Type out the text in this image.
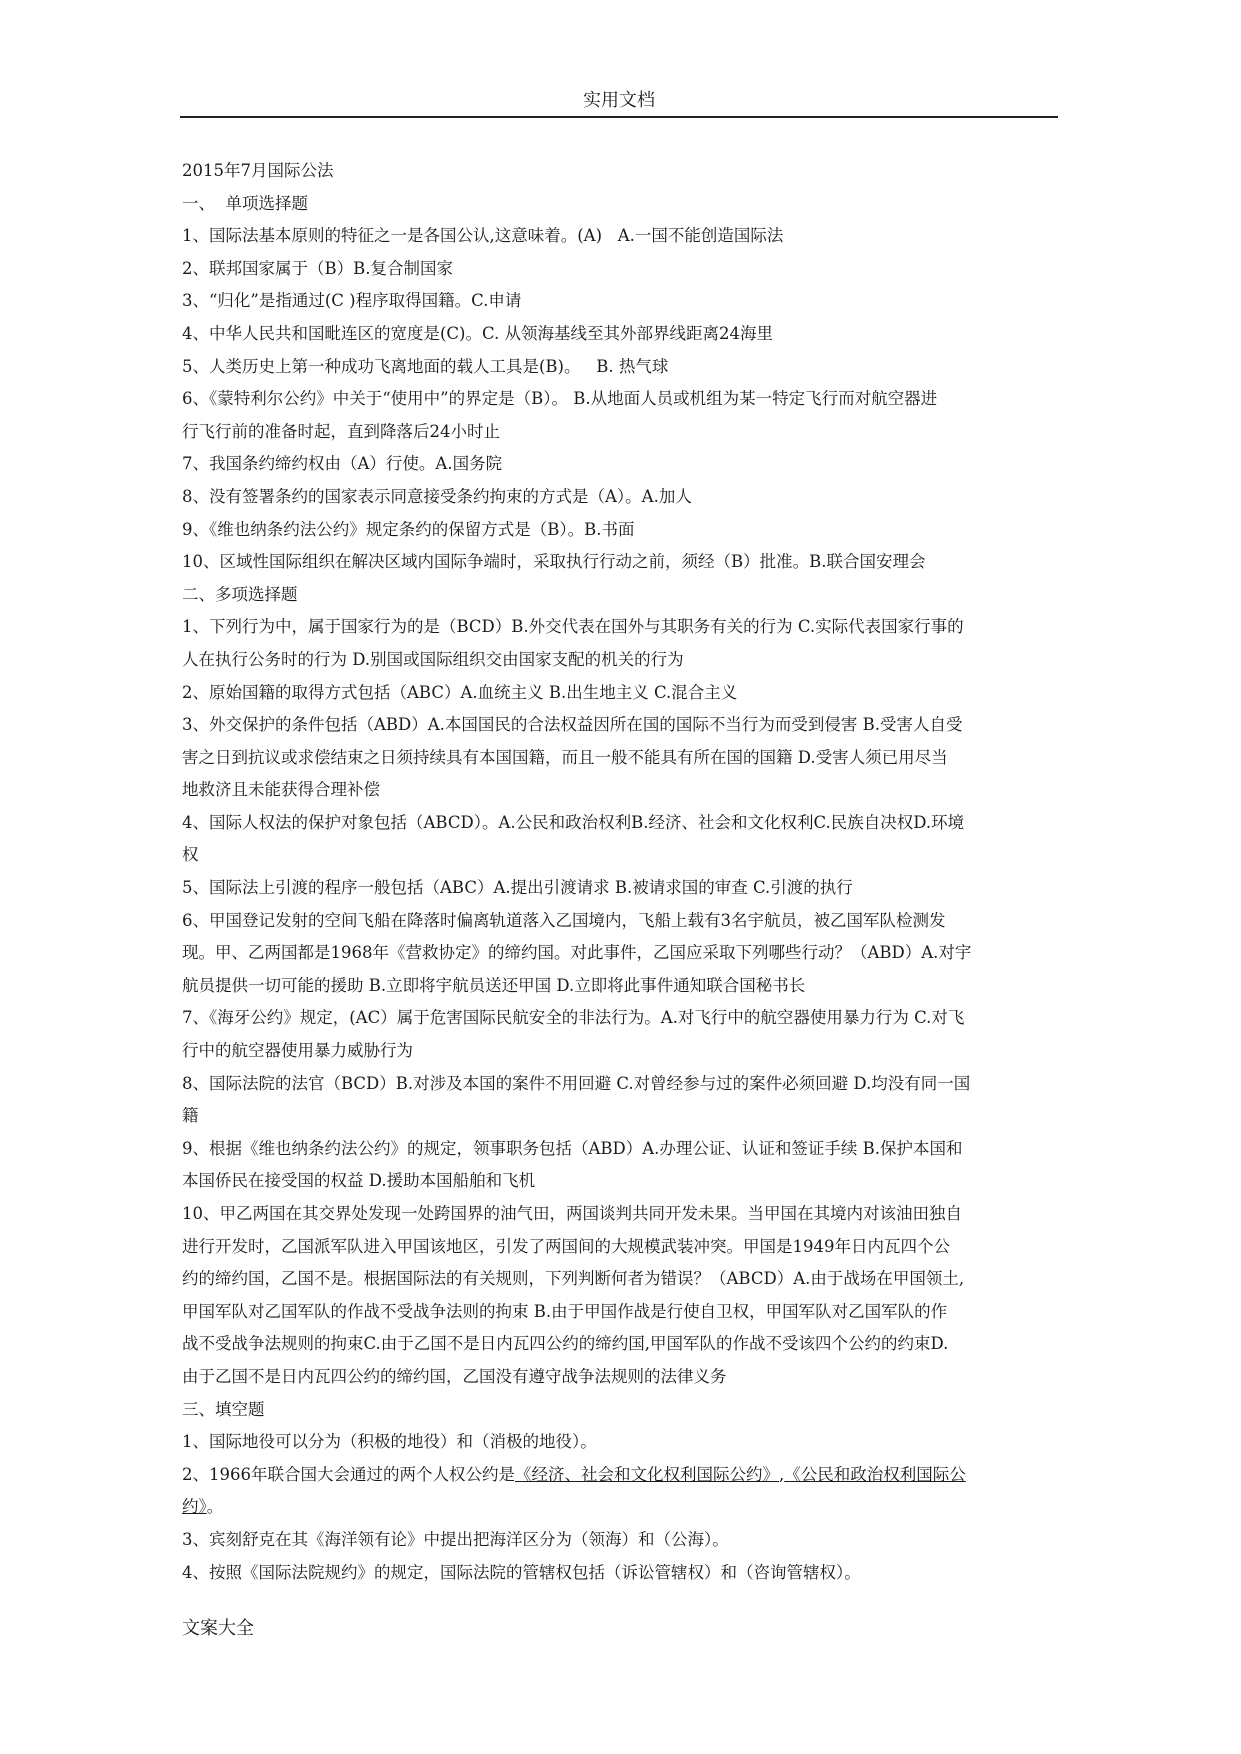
实用文档
2015年7月国际公法
一、  单项选择题
1、国际法基本原则的特征之一是各国公认,这意味着。(A)   A.一国不能创造国际法
2、联邦国家属于（B）B.复合制国家
3、“归化”是指通过(C )程序取得国籍。C.申请
4、中华人民共和国毗连区的宽度是(C)。C. 从领海基线至其外部界线距离24海里
5、人类历史上第一种成功飞离地面的载人工具是(B)。   B. 热气球
6、《蒙特利尔公约》中关于“使用中”的界定是（B）。 B.从地面人员或机组为某一特定飞行而对航空器进
行飞行前的准备时起，直到降落后24小时止
7、我国条约缔约权由（A）行使。A.国务院
8、没有签署条约的国家表示同意接受条约拘束的方式是（A）。A.加人
9、《维也纳条约法公约》规定条约的保留方式是（B）。B.书面
10、区域性国际组织在解决区域内国际争端时，采取执行行动之前，须经（B）批准。B.联合国安理会
二、多项选择题
1、下列行为中，属于国家行为的是（BCD）B.外交代表在国外与其职务有关的行为 C.实际代表国家行事的
人在执行公务时的行为 D.别国或国际组织交由国家支配的机关的行为
2、原始国籍的取得方式包括（ABC）A.血统主义 B.出生地主义 C.混合主义
3、外交保护的条件包括（ABD）A.本国国民的合法权益因所在国的国际不当行为而受到侵害 B.受害人自受
害之日到抗议或求偿结束之日须持续具有本国国籍，而且一般不能具有所在国的国籍 D.受害人须已用尽当
地救济且未能获得合理补偿
4、国际人权法的保护对象包括（ABCD）。A.公民和政治权利B.经济、社会和文化权利C.民族自决权D.环境
权
5、国际法上引渡的程序一般包括（ABC）A.提出引渡请求 B.被请求国的审查 C.引渡的执行
6、甲国登记发射的空间飞船在降落时偏离轨道落入乙国境内，飞船上载有3名宇航员，被乙国军队检测发
现。甲、乙两国都是1968年《营救协定》的缔约国。对此事件，乙国应采取下列哪些行动？（ABD）A.对宇
航员提供一切可能的援助 B.立即将宇航员送还甲国 D.立即将此事件通知联合国秘书长
7、《海牙公约》规定，(AC）属于危害国际民航安全的非法行为。A.对飞行中的航空器使用暴力行为 C.对飞
行中的航空器使用暴力威胁行为
8、国际法院的法官（BCD）B.对涉及本国的案件不用回避 C.对曾经参与过的案件必须回避 D.均没有同一国
籍
9、根据《维也纳条约法公约》的规定，领事职务包括（ABD）A.办理公证、认证和签证手续 B.保护本国和
本国侨民在接受国的权益 D.援助本国船舶和飞机
10、甲乙两国在其交界处发现一处跨国界的油气田，两国谈判共同开发未果。当甲国在其境内对该油田独自
进行开发时，乙国派军队进入甲国该地区，引发了两国间的大规模武装冲突。甲国是1949年日内瓦四个公
约的缔约国，乙国不是。根据国际法的有关规则，下列判断何者为错误？（ABCD）A.由于战场在甲国领土,
甲国军队对乙国军队的作战不受战争法则的拘束 B.由于甲国作战是行使自卫权，甲国军队对乙国军队的作
战不受战争法规则的拘束C.由于乙国不是日内瓦四公约的缔约国,甲国军队的作战不受该四个公约的约束D.
由于乙国不是日内瓦四公约的缔约国，乙国没有遵守战争法规则的法律义务
三、填空题
1、国际地役可以分为（积极的地役）和（消极的地役）。
2、1966年联合国大会通过的两个人权公约是《经济、社会和文化权利国际公约》,《公民和政治权利国际公
约》。
3、宾刻舒克在其《海洋领有论》中提出把海洋区分为（领海）和（公海）。
4、按照《国际法院规约》的规定，国际法院的管辖权包括（诉讼管辖权）和（咨询管辖权）。
文案大全
